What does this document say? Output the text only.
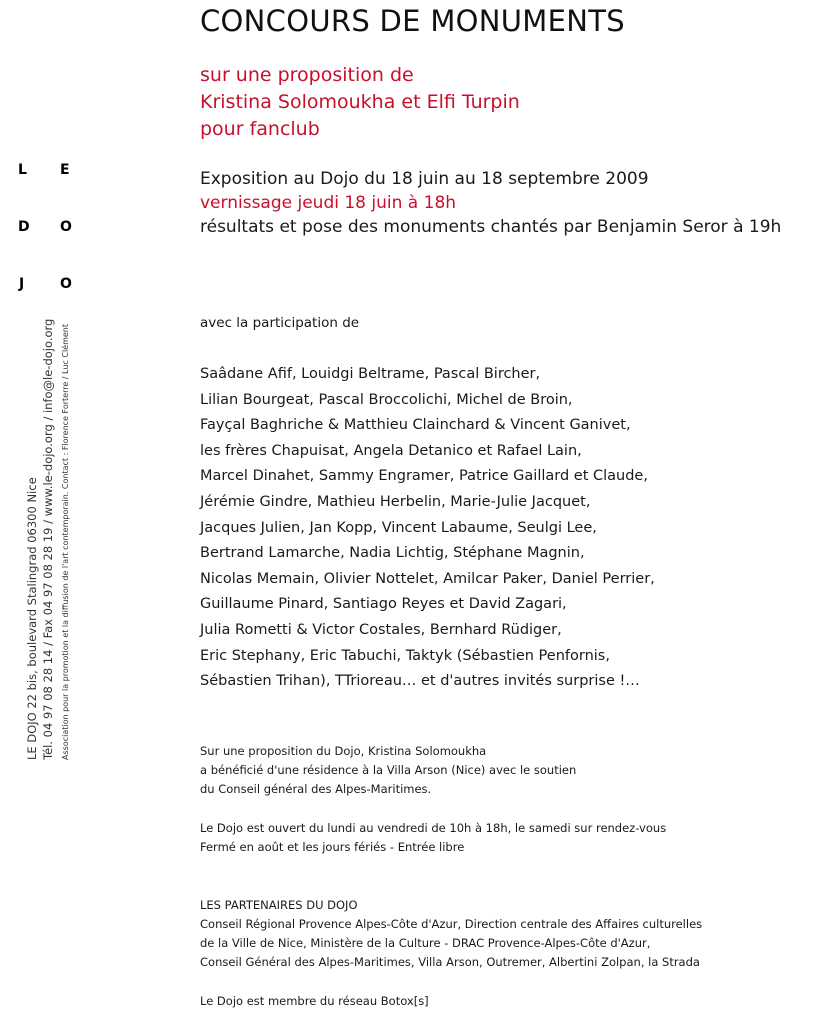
CONCOURS DE MONUMENTS
sur une proposition de
Kristina Solomoukha et Elfi Turpin
pour fanclub
Exposition au Dojo du 18 juin au 18 septembre 2009
vernissage jeudi 18 juin à 18h
résultats et pose des monuments chantés par Benjamin Seror à 19h
L E
D O
J	O
LE DOJO 22 bis, boulevard Stalingrad 06300 Nice Tél. 04 97 08 28 14 / Fax 04 97 08 28 19 / www.le-dojo.org / info@le-dojo.org Association pour la promotion et la diffusion de l'art contemporain. Contact : Florence Forterre / Luc Clément
avec la participation de
Saâdane Afif, Louidgi Beltrame, Pascal Bircher,
Lilian Bourgeat, Pascal Broccolichi, Michel de Broin,
Fayçal Baghriche & Matthieu Clainchard & Vincent Ganivet,
les frères Chapuisat, Angela Detanico et Rafael Lain,
Marcel Dinahet, Sammy Engramer, Patrice Gaillard et Claude,
Jérémie Gindre, Mathieu Herbelin, Marie-Julie Jacquet,
Jacques Julien, Jan Kopp, Vincent Labaume, Seulgi Lee,
Bertrand Lamarche, Nadia Lichtig, Stéphane Magnin,
Nicolas Memain, Olivier Nottelet, Amilcar Paker, Daniel Perrier,
Guillaume Pinard, Santiago Reyes et David Zagari,
Julia Rometti & Victor Costales, Bernhard Rüdiger,
Eric Stephany, Eric Tabuchi, Taktyk (Sébastien Penfornis,
Sébastien Trihan), TTrioreau… et d'autres invités surprise !…
Sur une proposition du Dojo, Kristina Solomoukha
a bénéficié d'une résidence à la Villa Arson (Nice) avec le soutien
du Conseil général des Alpes-Maritimes.
Le Dojo est ouvert du lundi au vendredi de 10h à 18h, le samedi sur rendez-vous
Fermé en août et les jours fériés - Entrée libre
LES PARTENAIRES DU DOJO
Conseil Régional Provence Alpes-Côte d'Azur, Direction centrale des Affaires culturelles
de la Ville de Nice, Ministère de la Culture - DRAC Provence-Alpes-Côte d'Azur,
Conseil Général des Alpes-Maritimes, Villa Arson, Outremer, Albertini Zolpan, la Strada
Le Dojo est membre du réseau Botox[s]
